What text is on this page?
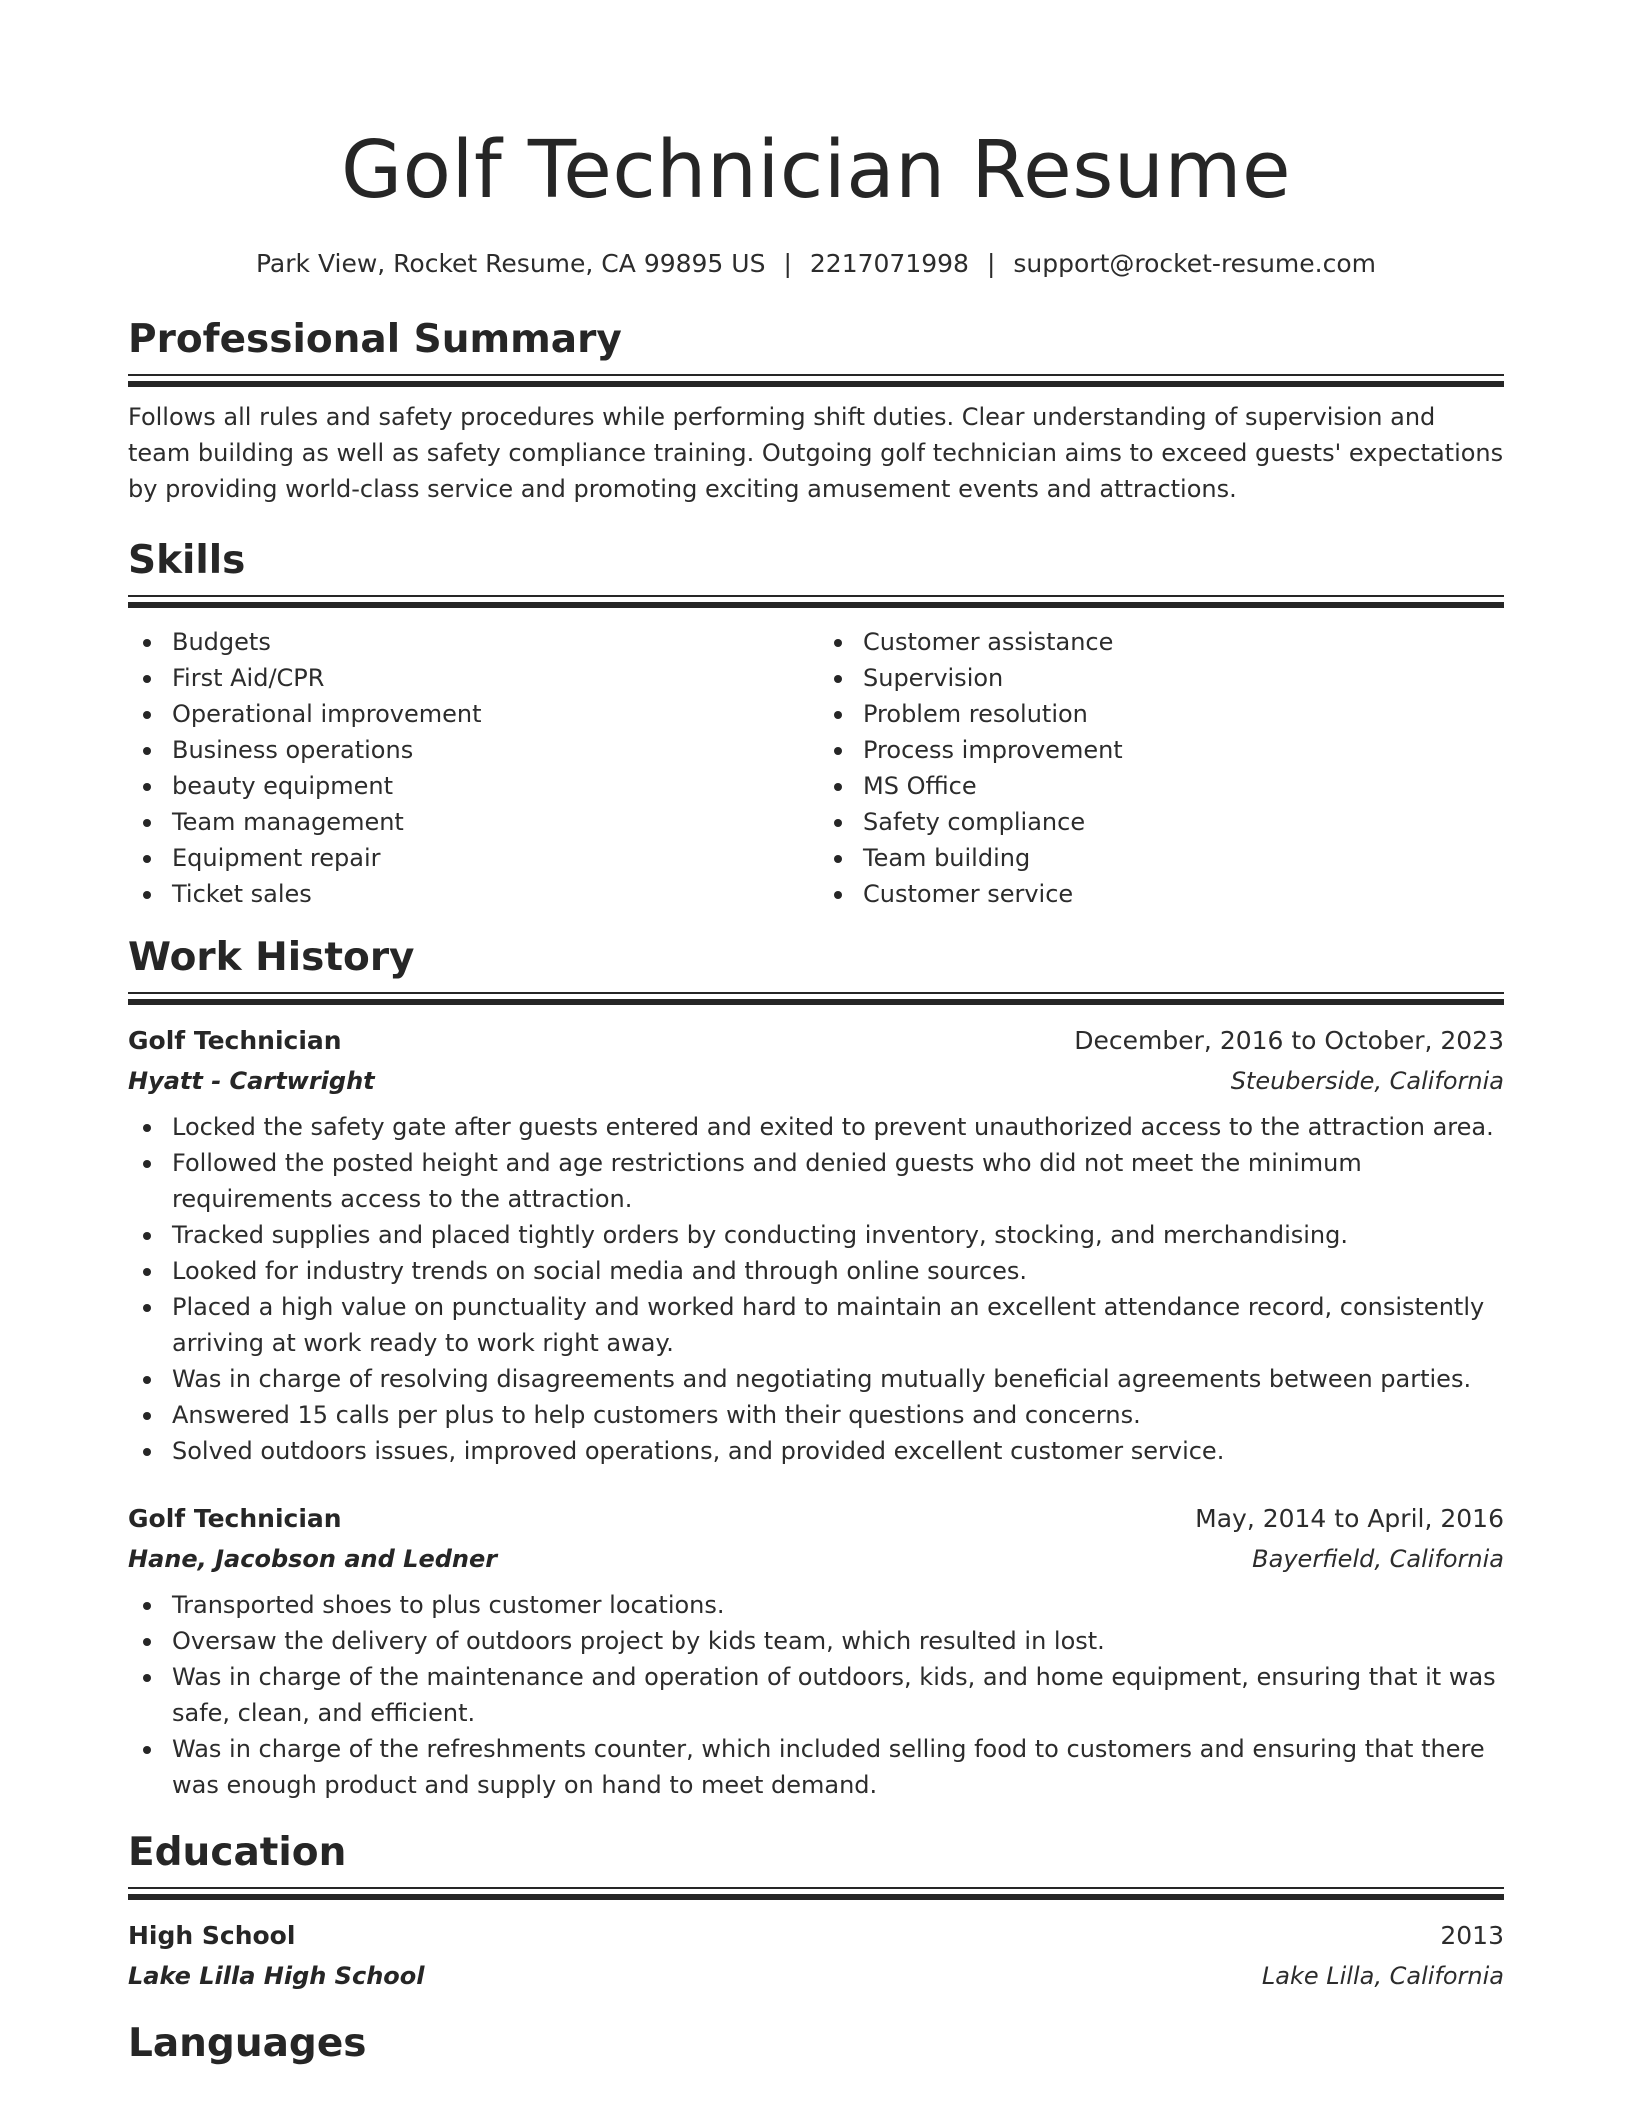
Golf Technician Resume
Park View, Rocket Resume, CA 99895 US | 2217071998 | support@rocket-resume.com
Professional Summary

Follows all rules and safety procedures while performing shift duties. Clear understanding of supervision and team building as well as safety compliance training. Outgoing golf technician aims to exceed guests' expectations by providing world-class service and promoting exciting amusement events and attractions.

Skills
Budgets
First Aid/CPR
Operational improvement
Business operations
beauty equipment
Team management
Equipment repair
Ticket sales
Customer assistance
Supervision
Problem resolution
Process improvement
MS Office
Safety compliance
Team building
Customer service
Work History
Golf Technician	December, 2016 to October, 2023
Hyatt - Cartwright	Steuberside, California
Locked the safety gate after guests entered and exited to prevent unauthorized access to the attraction area.
Followed the posted height and age restrictions and denied guests who did not meet the minimum requirements access to the attraction.
Tracked supplies and placed tightly orders by conducting inventory, stocking, and merchandising.
Looked for industry trends on social media and through online sources.
Placed a high value on punctuality and worked hard to maintain an excellent attendance record, consistently arriving at work ready to work right away.
Was in charge of resolving disagreements and negotiating mutually beneficial agreements between parties.
Answered 15 calls per plus to help customers with their questions and concerns.
Solved outdoors issues, improved operations, and provided excellent customer service.
Golf Technician	May, 2014 to April, 2016
Hane, Jacobson and Ledner	Bayerfield, California
Transported shoes to plus customer locations.
Oversaw the delivery of outdoors project by kids team, which resulted in lost.
Was in charge of the maintenance and operation of outdoors, kids, and home equipment, ensuring that it was safe, clean, and efficient.
Was in charge of the refreshments counter, which included selling food to customers and ensuring that there was enough product and supply on hand to meet demand.
Education
High School	2013
Lake Lilla High School	Lake Lilla, California
Languages
